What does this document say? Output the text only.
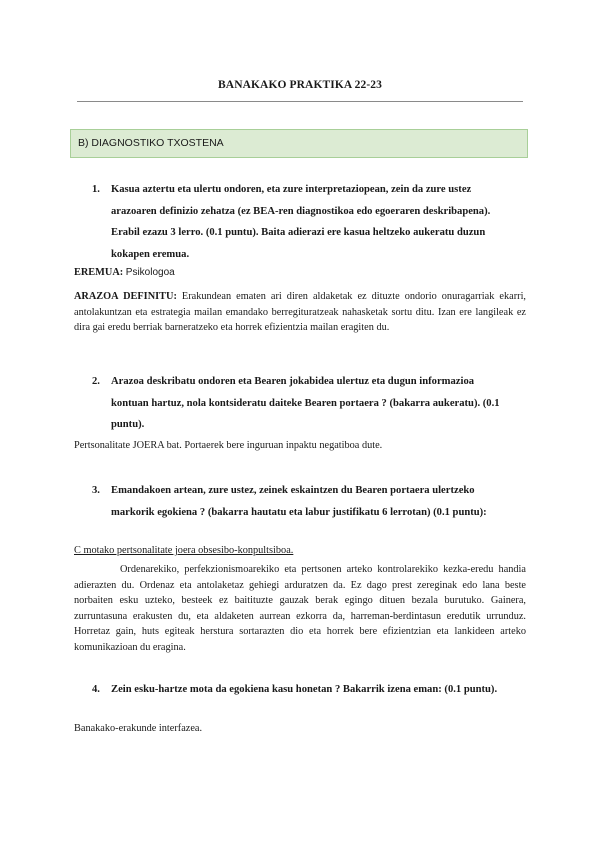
BANAKAKO PRAKTIKA 22-23
B) DIAGNOSTIKO TXOSTENA
1.	Kasua aztertu eta ulertu ondoren, eta zure interpretaziopean, zein da zure ustez arazoaren definizio zehatza (ez BEA-ren diagnostikoa edo egoeraren deskribapena). Erabil ezazu 3 lerro. (0.1 puntu). Baita adierazi ere kasua heltzeko aukeratu duzun kokapen eremua.
EREMUA: Psikologoa
ARAZOA DEFINITU: Erakundean ematen ari diren aldaketak ez dituzte ondorio onuragarriak ekarri, antolakuntzan eta estrategia mailan emandako berregituratzeak nahasketak sortu ditu. Izan ere langileak ez dira gai eredu berriak barneratzeko eta horrek efizientzia mailan eragiten du.
2.	Arazoa deskribatu ondoren eta Bearen jokabidea ulertuz eta dugun informazioa kontuan hartuz, nola kontsideratu daiteke Bearen portaera ? (bakarra aukeratu). (0.1 puntu).
Pertsonalitate JOERA bat. Portaerek bere inguruan inpaktu negatiboa dute.
3.	Emandakoen artean, zure ustez, zeinek eskaintzen du Bearen portaera ulertzeko markorik egokiena ? (bakarra hautatu eta labur justifikatu 6 lerrotan) (0.1 puntu):
C motako pertsonalitate joera obsesibo-konpultsiboa.
Ordenarekiko, perfekzionismoarekiko eta pertsonen arteko kontrolarekiko kezka-eredu handia adierazten du. Ordenaz eta antolaketaz gehiegi arduratzen da. Ez dago prest zereginak edo lana beste norbaiten esku uzteko, besteek ez baitituzte gauzak berak egingo dituen bezala burutuko. Gainera, zurruntasuna erakusten du, eta aldaketen aurrean ezkorra da, harreman-berdintasun eredutik urrunduz. Horretaz gain, huts egiteak herstura sortarazten dio eta horrek bere efizientzian eta lankideen arteko komunikazioan du eragina.
4.	Zein esku-hartze mota da egokiena kasu honetan ? Bakarrik izena eman: (0.1 puntu).
Banakako-erakunde interfazea.
